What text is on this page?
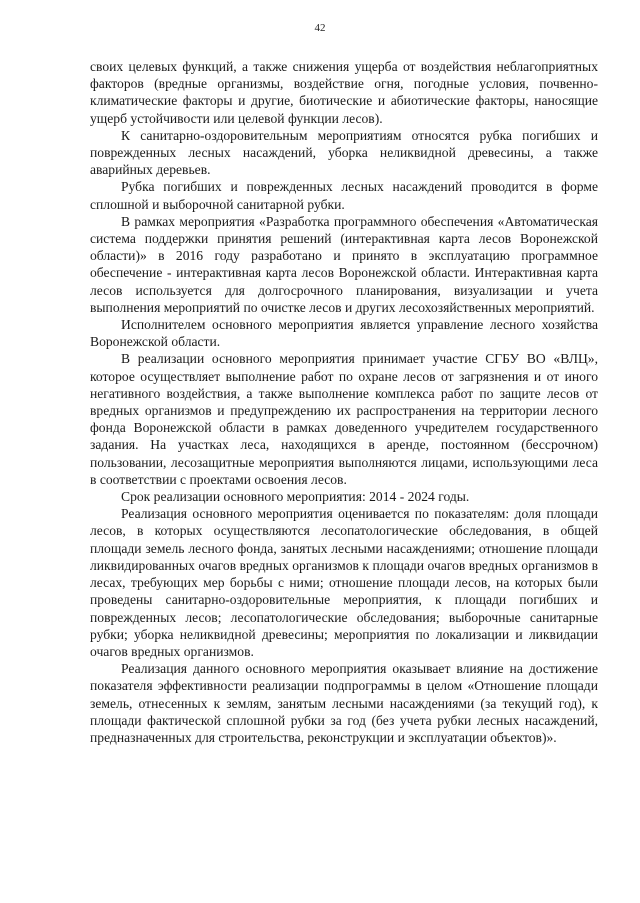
42

своих целевых функций, а также снижения ущерба от воздействия неблагоприятных факторов (вредные организмы, воздействие огня, погодные условия, почвенно-климатические факторы и другие, биотические и абиотические факторы, наносящие ущерб устойчивости или целевой функции лесов).

К санитарно-оздоровительным мероприятиям относятся рубка погибших и поврежденных лесных насаждений, уборка неликвидной древесины, а также аварийных деревьев.

Рубка погибших и поврежденных лесных насаждений проводится в форме сплошной и выборочной санитарной рубки.

В рамках мероприятия «Разработка программного обеспечения «Автоматическая система поддержки принятия решений (интерактивная карта лесов Воронежской области)» в 2016 году разработано и принято в эксплуатацию программное обеспечение - интерактивная карта лесов Воронежской области. Интерактивная карта лесов используется для долгосрочного планирования, визуализации и учета выполнения мероприятий по очистке лесов и других лесохозяйственных мероприятий.

Исполнителем основного мероприятия является управление лесного хозяйства Воронежской области.

В реализации основного мероприятия принимает участие СГБУ ВО «ВЛЦ», которое осуществляет выполнение работ по охране лесов от загрязнения и от иного негативного воздействия, а также выполнение комплекса работ по защите лесов от вредных организмов и предупреждению их распространения на территории лесного фонда Воронежской области в рамках доведенного учредителем государственного задания. На участках леса, находящихся в аренде, постоянном (бессрочном) пользовании, лесозащитные мероприятия выполняются лицами, использующими леса в соответствии с проектами освоения лесов.

Срок реализации основного мероприятия: 2014 - 2024 годы.

Реализация основного мероприятия оценивается по показателям: доля площади лесов, в которых осуществляются лесопатологические обследования, в общей площади земель лесного фонда, занятых лесными насаждениями; отношение площади ликвидированных очагов вредных организмов к площади очагов вредных организмов в лесах, требующих мер борьбы с ними; отношение площади лесов, на которых были проведены санитарно-оздоровительные мероприятия, к площади погибших и поврежденных лесов; лесопатологические обследования; выборочные санитарные рубки; уборка неликвидной древесины; мероприятия по локализации и ликвидации очагов вредных организмов.

Реализация данного основного мероприятия оказывает влияние на достижение показателя эффективности реализации подпрограммы в целом «Отношение площади земель, отнесенных к землям, занятым лесными насаждениями (за текущий год), к площади фактической сплошной рубки за год (без учета рубки лесных насаждений, предназначенных для строительства, реконструкции и эксплуатации объектов)».
